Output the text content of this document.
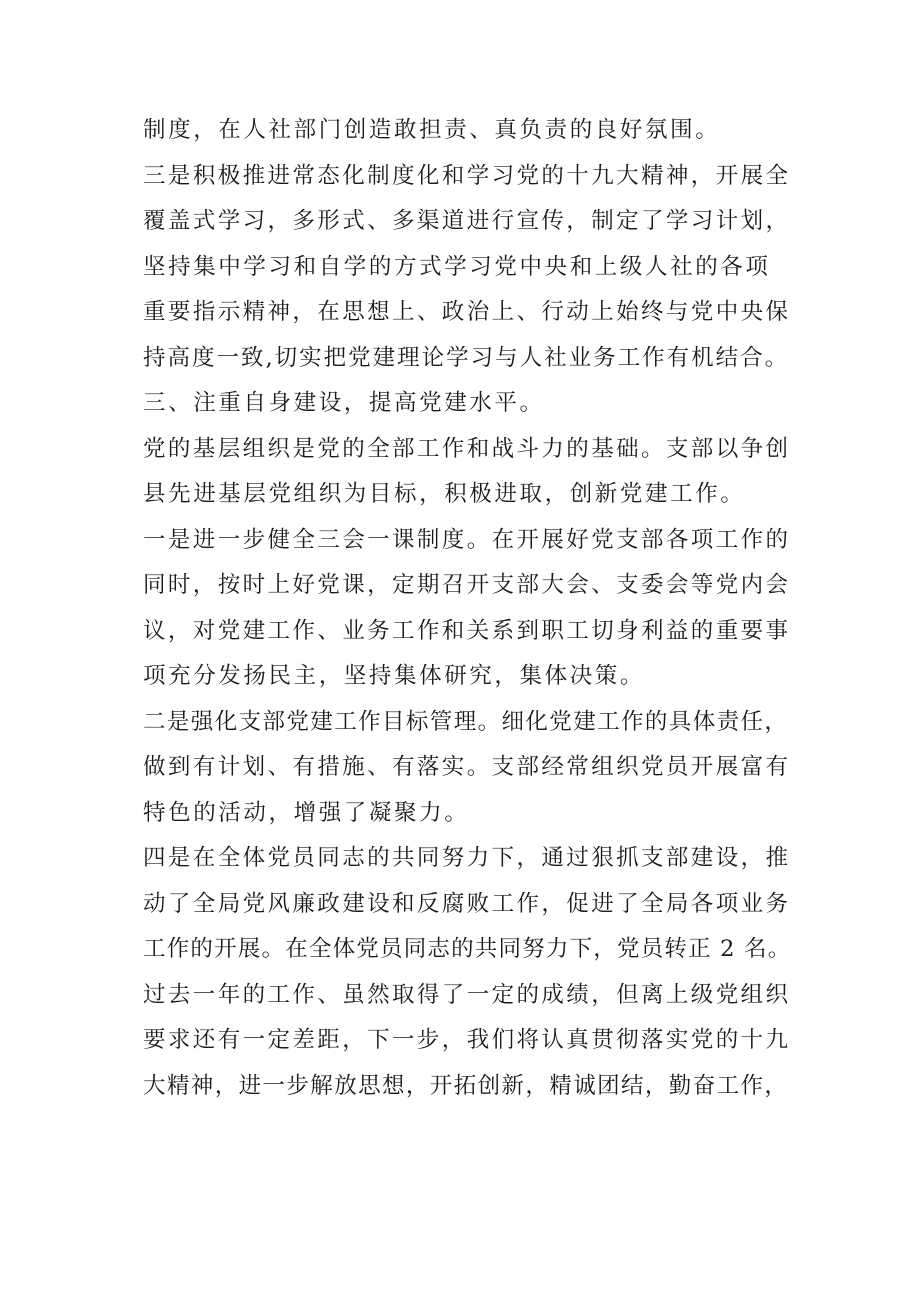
制度，在人社部门创造敢担责、真负责的良好氛围。
三是积极推进常态化制度化和学习党的十九大精神，开展全
覆盖式学习，多形式、多渠道进行宣传，制定了学习计划，
坚持集中学习和自学的方式学习党中央和上级人社的各项
重要指示精神，在思想上、政治上、行动上始终与党中央保
持高度一致,切实把党建理论学习与人社业务工作有机结合。
三、注重自身建设，提高党建水平。
党的基层组织是党的全部工作和战斗力的基础。支部以争创
县先进基层党组织为目标，积极进取，创新党建工作。
一是进一步健全三会一课制度。在开展好党支部各项工作的
同时，按时上好党课，定期召开支部大会、支委会等党内会
议，对党建工作、业务工作和关系到职工切身利益的重要事
项充分发扬民主，坚持集体研究，集体决策。
二是强化支部党建工作目标管理。细化党建工作的具体责任，
做到有计划、有措施、有落实。支部经常组织党员开展富有
特色的活动，增强了凝聚力。
四是在全体党员同志的共同努力下，通过狠抓支部建设，推
动了全局党风廉政建设和反腐败工作，促进了全局各项业务
工作的开展。在全体党员同志的共同努力下，党员转正 2 名。
过去一年的工作、虽然取得了一定的成绩，但离上级党组织
要求还有一定差距，下一步，我们将认真贯彻落实党的十九
大精神，进一步解放思想，开拓创新，精诚团结，勤奋工作，
